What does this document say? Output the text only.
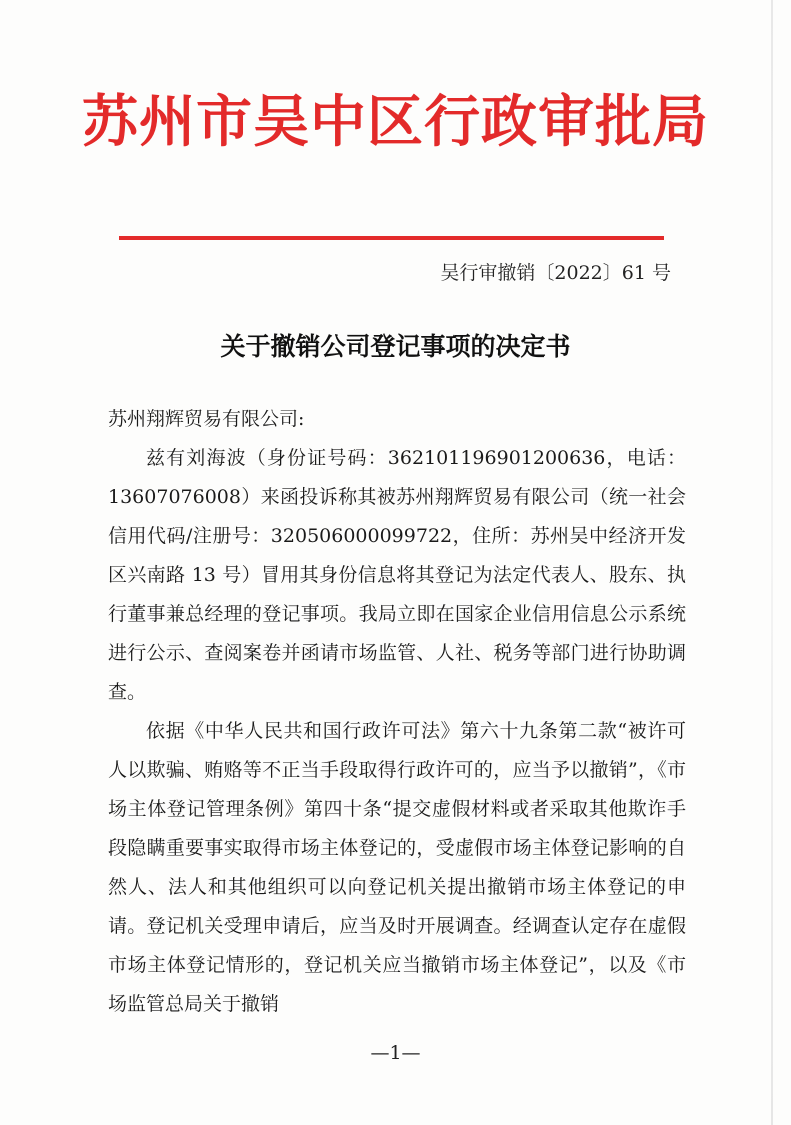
苏州市吴中区行政审批局
吴行审撤销〔2022〕61 号
关于撤销公司登记事项的决定书

苏州翔辉贸易有限公司:

兹有刘海波（身份证号码：362101196901200636，电话：13607076008）来函投诉称其被苏州翔辉贸易有限公司（统一社会信用代码/注册号：320506000099722，住所：苏州吴中经济开发区兴南路 13 号）冒用其身份信息将其登记为法定代表人、股东、执行董事兼总经理的登记事项。我局立即在国家企业信用信息公示系统进行公示、查阅案卷并函请市场监管、人社、税务等部门进行协助调查。

依据《中华人民共和国行政许可法》第六十九条第二款“被许可人以欺骗、贿赂等不正当手段取得行政许可的，应当予以撤销”，《市场主体登记管理条例》第四十条“提交虚假材料或者采取其他欺诈手段隐瞒重要事实取得市场主体登记的，受虚假市场主体登记影响的自然人、法人和其他组织可以向登记机关提出撤销市场主体登记的申请。登记机关受理申请后，应当及时开展调查。经调查认定存在虚假市场主体登记情形的，登记机关应当撤销市场主体登记”，以及《市场监管总局关于撤销

—1—
